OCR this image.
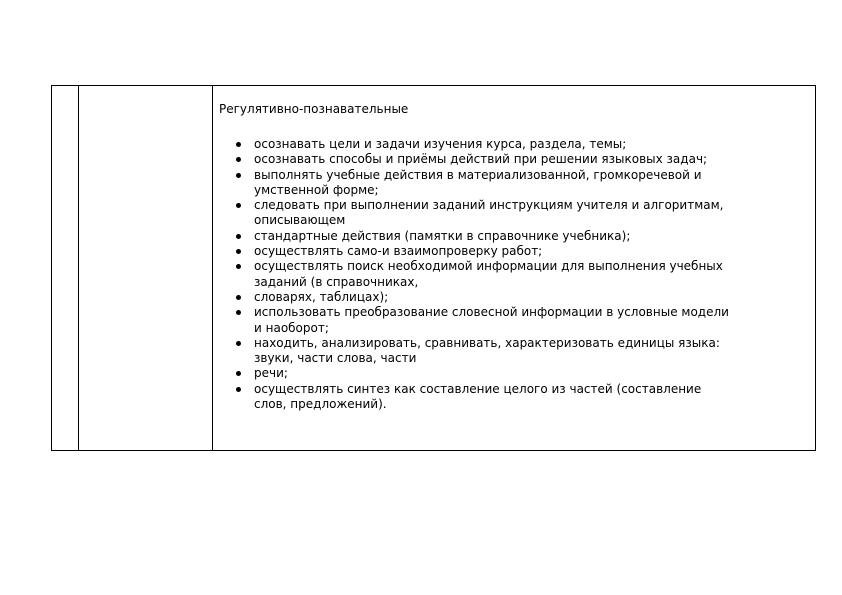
Регулятивно-познавательные
осознавать цели и задачи изучения курса, раздела, темы;
осознавать способы и приёмы действий при решении языковых задач;
выполнять учебные действия в материализованной, громкоречевой и
умственной форме;
следовать при выполнении заданий инструкциям учителя и алгоритмам,
описывающем
стандартные действия (памятки в справочнике учебника);
осуществлять само-и взаимопроверку работ;
осуществлять поиск необходимой информации для выполнения учебных
заданий (в справочниках,
словарях, таблицах);
использовать преобразование словесной информации в условные модели
и наоборот;
находить, анализировать, сравнивать, характеризовать единицы языка:
звуки, части слова, части
речи;
осуществлять синтез как составление целого из частей (составление
слов, предложений).
